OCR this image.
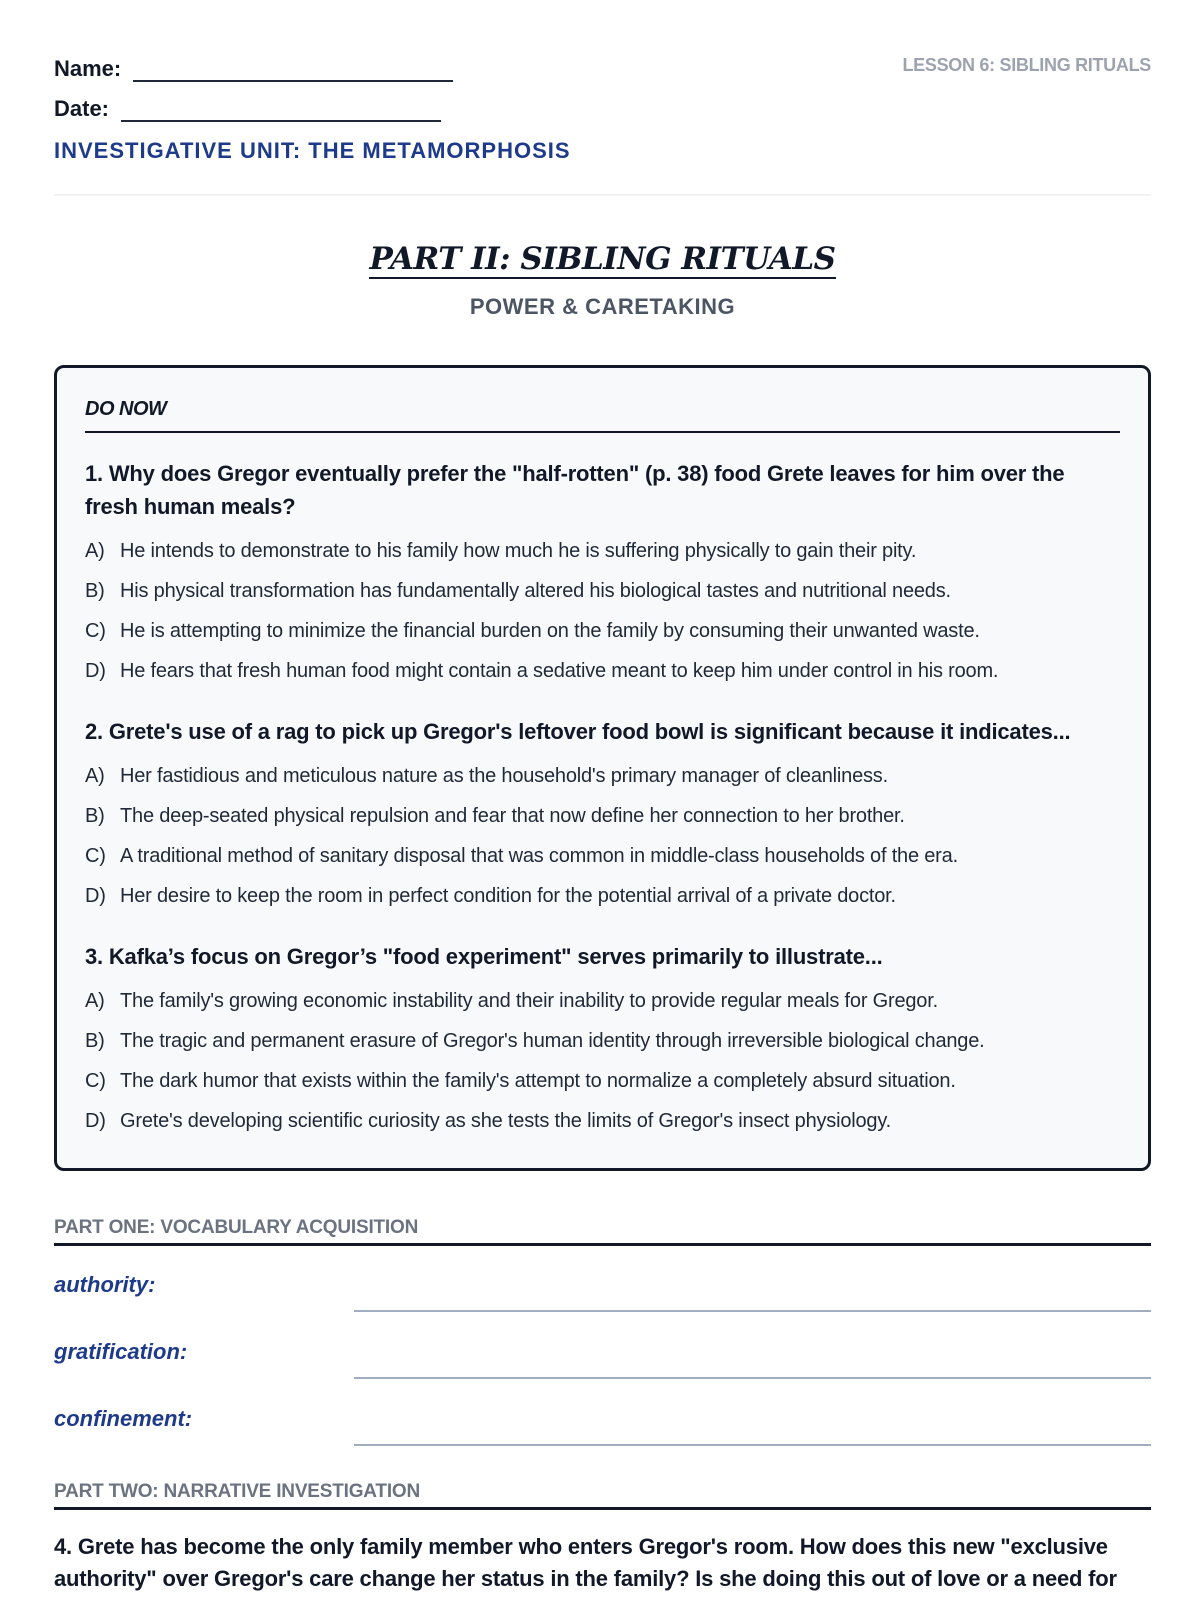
Name:
Date:
INVESTIGATIVE UNIT: THE METAMORPHOSIS
LESSON 6: SIBLING RITUALS
PART II: SIBLING RITUALS
POWER & CARETAKING
DO NOW
1. Why does Gregor eventually prefer the "half-rotten" (p. 38) food Grete leaves for him over the fresh human meals?
A) He intends to demonstrate to his family how much he is suffering physically to gain their pity.
B) His physical transformation has fundamentally altered his biological tastes and nutritional needs.
C) He is attempting to minimize the financial burden on the family by consuming their unwanted waste.
D) He fears that fresh human food might contain a sedative meant to keep him under control in his room.
2. Grete's use of a rag to pick up Gregor's leftover food bowl is significant because it indicates...
A) Her fastidious and meticulous nature as the household's primary manager of cleanliness.
B) The deep-seated physical repulsion and fear that now define her connection to her brother.
C) A traditional method of sanitary disposal that was common in middle-class households of the era.
D) Her desire to keep the room in perfect condition for the potential arrival of a private doctor.
3. Kafka’s focus on Gregor’s "food experiment" serves primarily to illustrate...
A) The family's growing economic instability and their inability to provide regular meals for Gregor.
B) The tragic and permanent erasure of Gregor's human identity through irreversible biological change.
C) The dark humor that exists within the family's attempt to normalize a completely absurd situation.
D) Grete's developing scientific curiosity as she tests the limits of Gregor's insect physiology.
PART ONE: VOCABULARY ACQUISITION
authority:
gratification:
confinement:
PART TWO: NARRATIVE INVESTIGATION
4. Grete has become the only family member who enters Gregor's room. How does this new "exclusive authority" over Gregor's care change her status in the family? Is she doing this out of love or a need for
